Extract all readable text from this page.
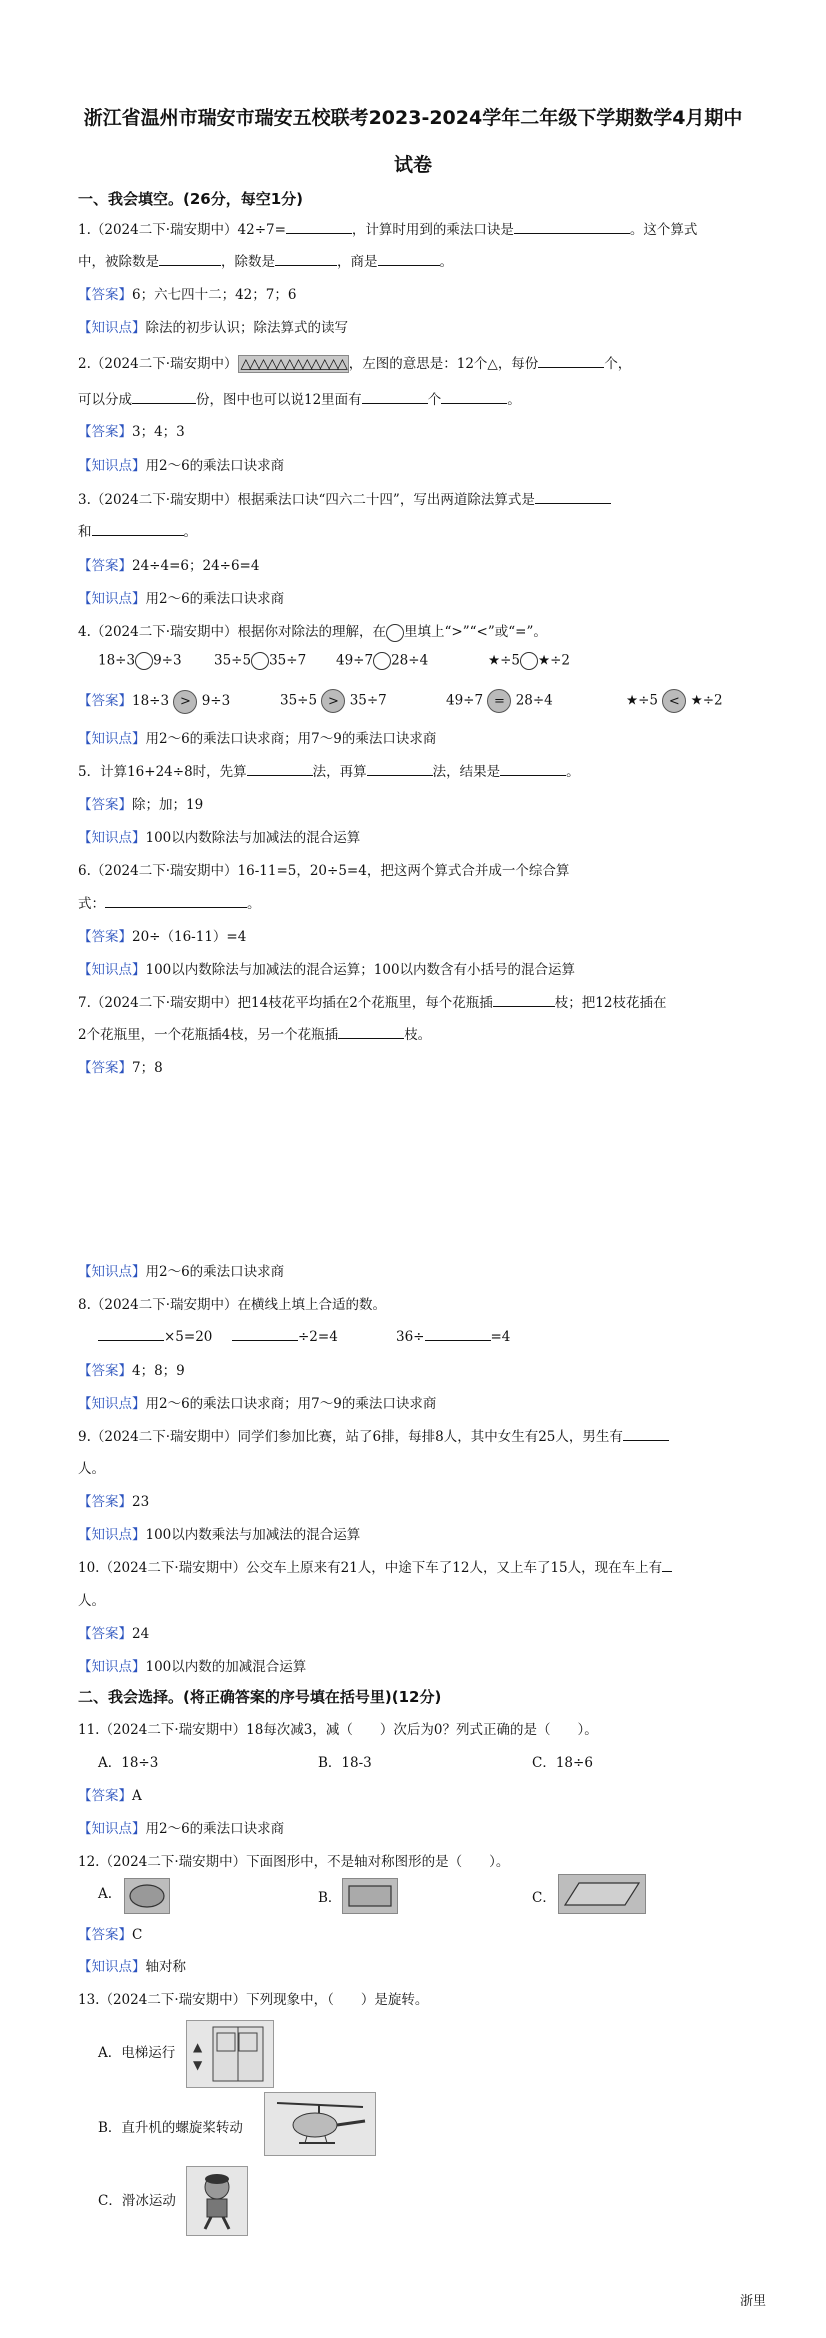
浙江省温州市瑞安市瑞安五校联考2023-2024学年二年级下学期数学4月期中
试卷
一、我会填空。(26分，每空1分)
1.（2024二下·瑞安期中）42÷7=	，计算时用到的乘法口诀是	。这个算式
中，被除数是	，除数是	，商是	。
【答案】6；六七四十二；42；7；6
【知识点】除法的初步认识；除法算式的读写
2.（2024二下·瑞安期中） △△△△△△△△△△△△ ，左图的意思是：12个△，每份	个，
可以分成	份，图中也可以说12里面有	个	。
【答案】3；4；3
【知识点】用2～6的乘法口诀求商
3.（2024二下·瑞安期中）根据乘法口诀“四六二十四”，写出两道除法算式是
和	。
【答案】24÷4=6；24÷6=4
【知识点】用2～6的乘法口诀求商
4.（2024二下·瑞安期中）根据你对除法的理解，在 里填上“>”“<”或“=”。
18÷3 9÷3 35÷5 35÷7 49÷7 28÷4	★÷5 ★÷2
【答案】18÷3 > 9÷3	35÷5 > 35÷7	49÷7 = 28÷4	★÷5 < ★÷2
【知识点】用2～6的乘法口诀求商；用7～9的乘法口诀求商
5．计算16+24÷8时，先算	法，再算	法，结果是	。
【答案】除；加；19
【知识点】100以内数除法与加减法的混合运算
6.（2024二下·瑞安期中）16-11=5，20÷5=4，把这两个算式合并成一个综合算
式：	。
【答案】20÷（16-11）=4
【知识点】100以内数除法与加减法的混合运算；100以内数含有小括号的混合运算
7.（2024二下·瑞安期中）把14枝花平均插在2个花瓶里，每个花瓶插	枝；把12枝花插在
2个花瓶里，一个花瓶插4枝，另一个花瓶插	枝。
【答案】7；8
【知识点】用2～6的乘法口诀求商
8.（2024二下·瑞安期中）在横线上填上合适的数。
×5=20	÷2=4	36÷	=4
【答案】4；8；9
【知识点】用2～6的乘法口诀求商；用7～9的乘法口诀求商
9.（2024二下·瑞安期中）同学们参加比赛，站了6排，每排8人，其中女生有25人，男生有
人。
【答案】23
【知识点】100以内数乘法与加减法的混合运算
10.（2024二下·瑞安期中）公交车上原来有21人，中途下车了12人，又上车了15人，现在车上有
人。
【答案】24
【知识点】100以内数的加减混合运算
二、我会选择。(将正确答案的序号填在括号里)(12分)
11.（2024二下·瑞安期中）18每次减3，减（　　）次后为0？列式正确的是（　　）。
A．18÷3	B．18-3	C．18÷6
【答案】A
【知识点】用2～6的乘法口诀求商
12.（2024二下·瑞安期中）下面图形中，不是轴对称图形的是（　　）。
A.	B．	C．
【答案】C
【知识点】轴对称
13.（2024二下·瑞安期中）下列现象中，（　　）是旋转。
A．电梯运行 ▲
▼
B．直升机的螺旋桨转动
C．滑冰运动
浙里
